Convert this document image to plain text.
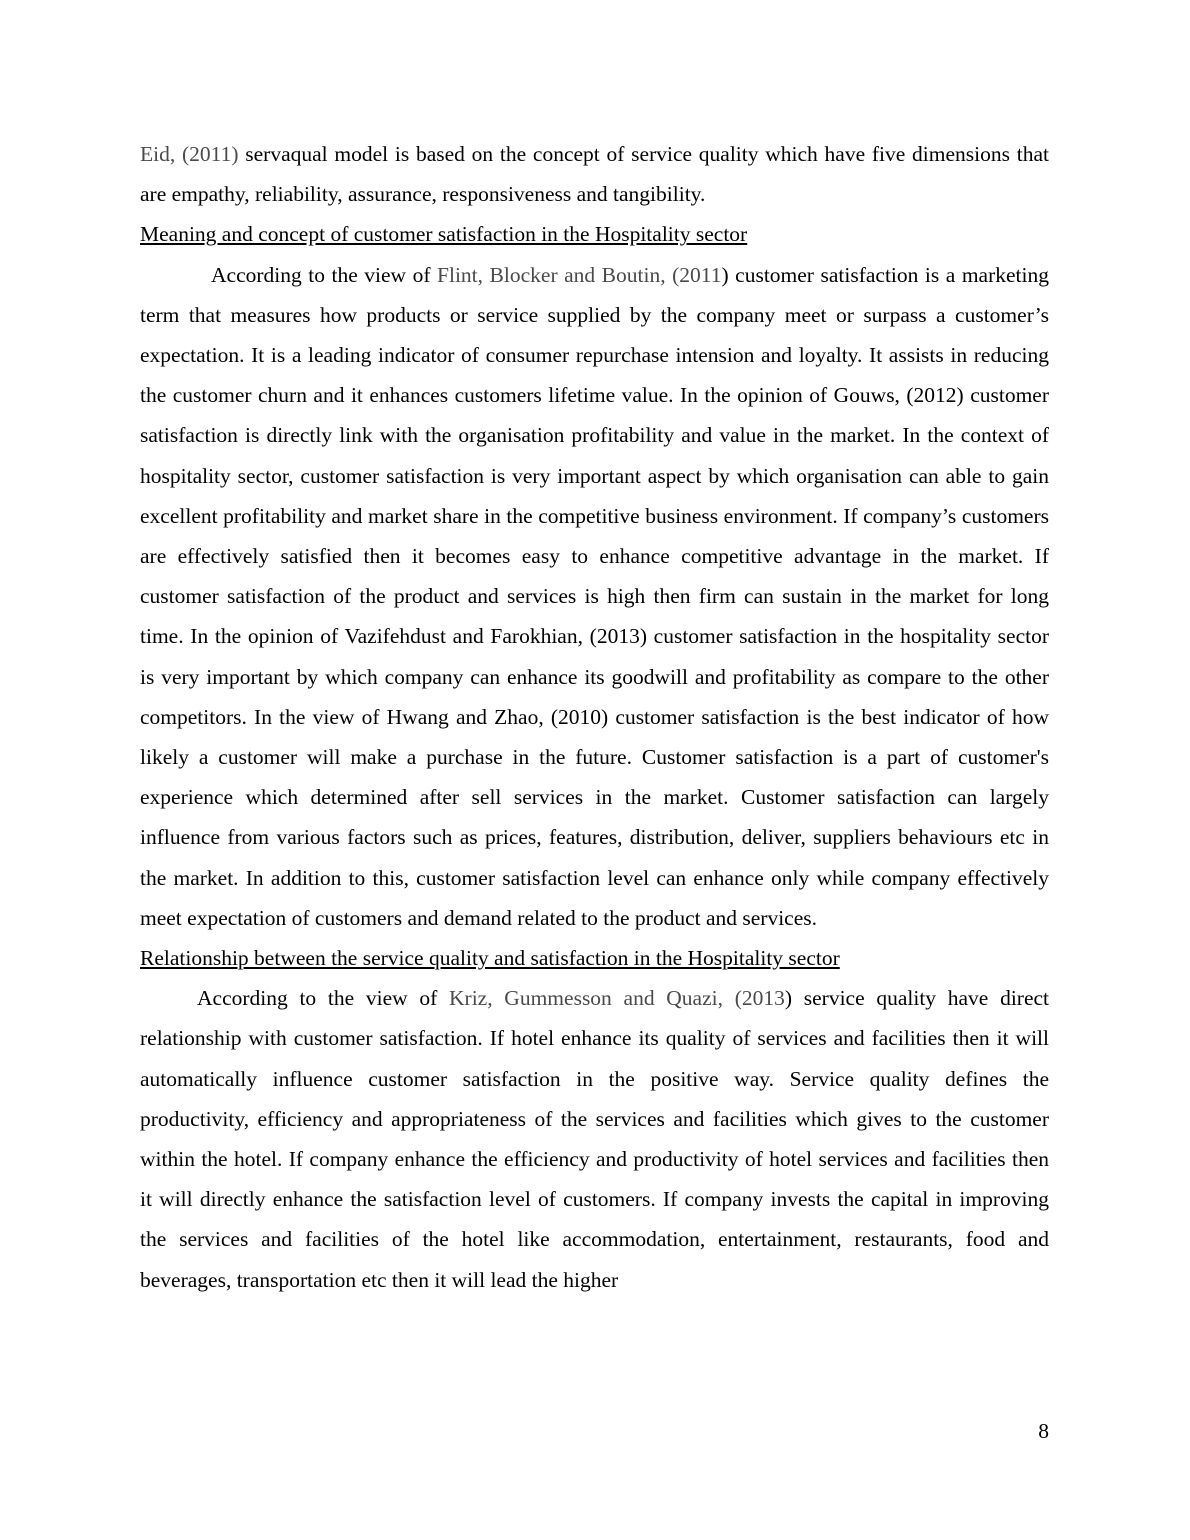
Eid, (2011) servaqual model is based on the concept of service quality which have five dimensions that are empathy, reliability, assurance, responsiveness and tangibility.

Meaning and concept of customer satisfaction in the Hospitality sector

According to the view of Flint, Blocker and Boutin, (2011) customer satisfaction is a marketing term that measures how products or service supplied by the company meet or surpass a customer’s expectation. It is a leading indicator of consumer repurchase intension and loyalty. It assists in reducing the customer churn and it enhances customers lifetime value. In the opinion of Gouws, (2012) customer satisfaction is directly link with the organisation profitability and value in the market. In the context of hospitality sector, customer satisfaction is very important aspect by which organisation can able to gain excellent profitability and market share in the competitive business environment. If company’s customers are effectively satisfied then it becomes easy to enhance competitive advantage in the market. If customer satisfaction of the product and services is high then firm can sustain in the market for long time. In the opinion of Vazifehdust and Farokhian, (2013) customer satisfaction in the hospitality sector is very important by which company can enhance its goodwill and profitability as compare to the other competitors. In the view of Hwang and Zhao, (2010) customer satisfaction is the best indicator of how likely a customer will make a purchase in the future. Customer satisfaction is a part of customer's experience which determined after sell services in the market. Customer satisfaction can largely influence from various factors such as prices, features, distribution, deliver, suppliers behaviours etc in the market. In addition to this, customer satisfaction level can enhance only while company effectively meet expectation of customers and demand related to the product and services.

Relationship between the service quality and satisfaction in the Hospitality sector

According to the view of Kriz, Gummesson and Quazi, (2013) service quality have direct relationship with customer satisfaction. If hotel enhance its quality of services and facilities then it will automatically influence customer satisfaction in the positive way. Service quality defines the productivity, efficiency and appropriateness of the services and facilities which gives to the customer within the hotel. If company enhance the efficiency and productivity of hotel services and facilities then it will directly enhance the satisfaction level of customers. If company invests the capital in improving the services and facilities of the hotel like accommodation, entertainment, restaurants, food and beverages, transportation etc then it will lead the higher

8
